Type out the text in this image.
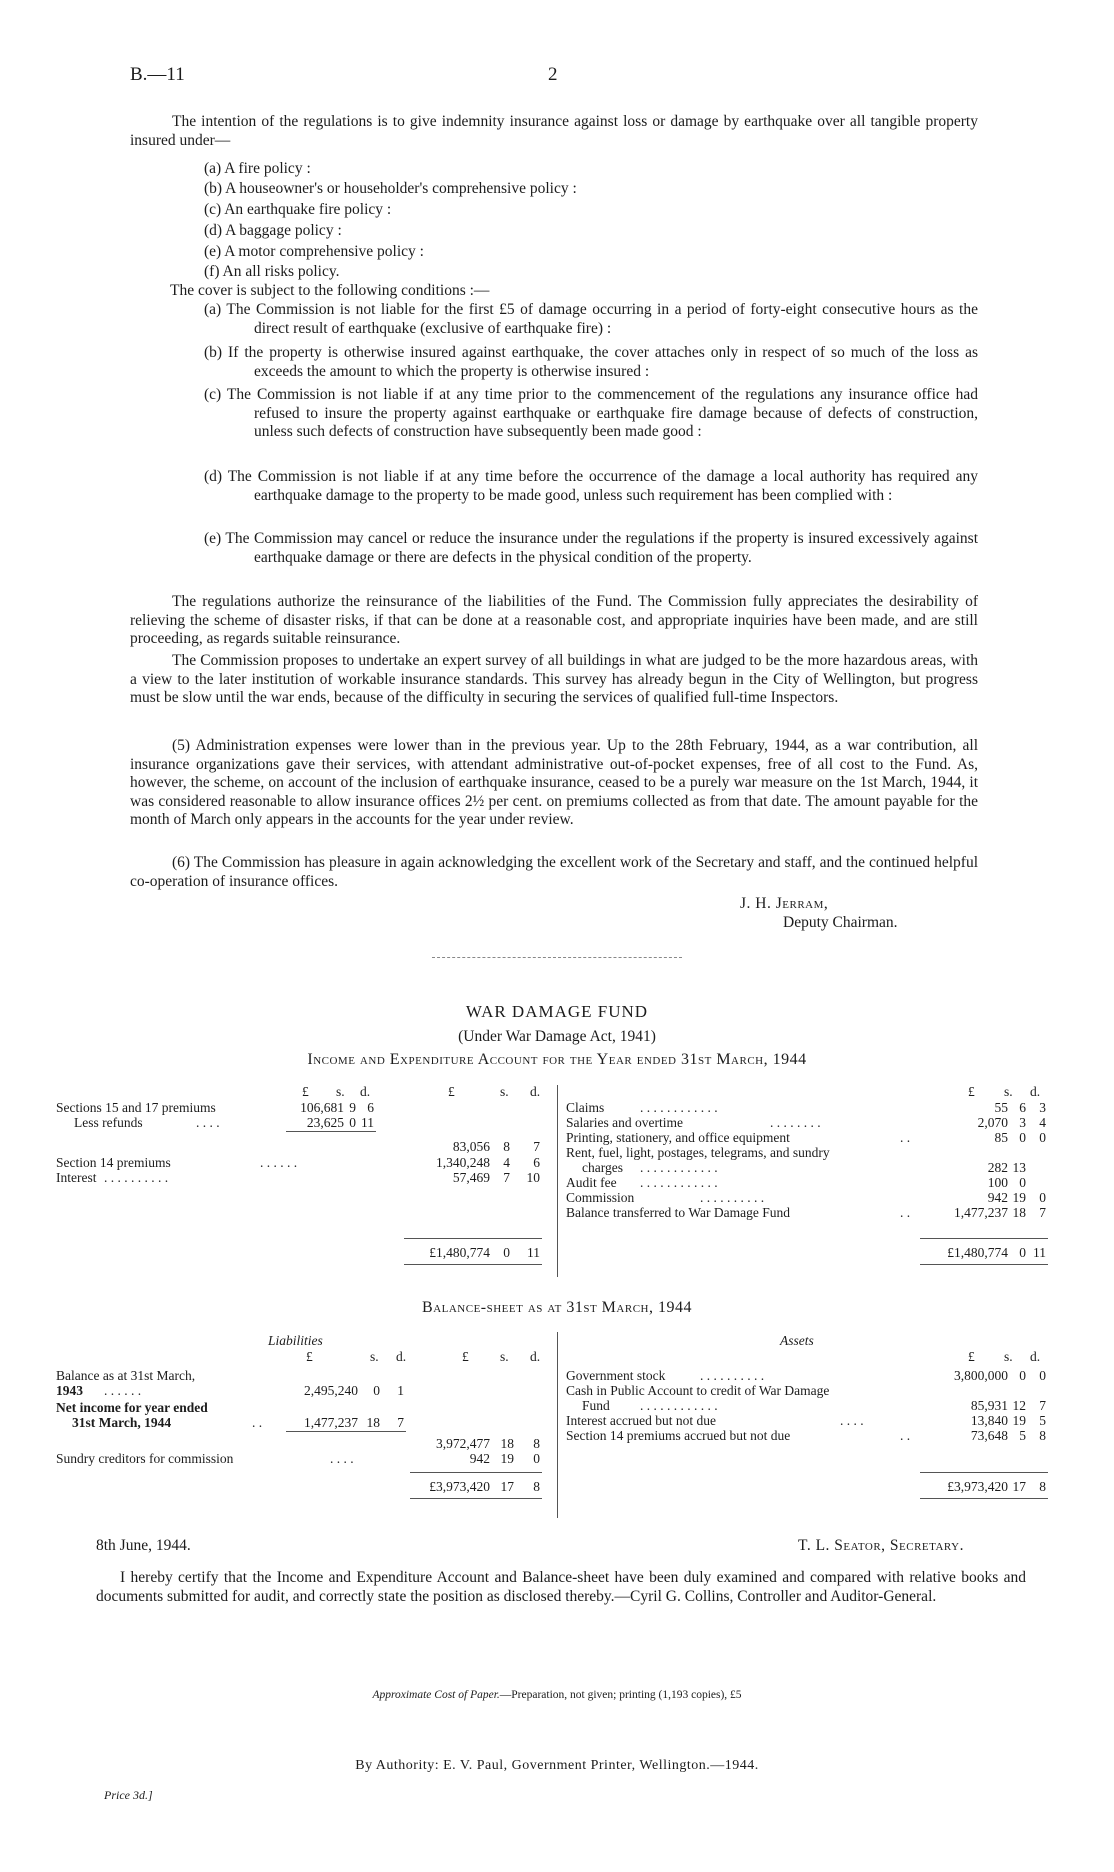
B.—11	2

The intention of the regulations is to give indemnity insurance against loss or damage by earthquake over all tangible property insured under—

(a) A fire policy :
(b) A houseowner's or householder's comprehensive policy :
(c) An earthquake fire policy :
(d) A baggage policy :
(e) A motor comprehensive policy :
(f) An all risks policy.
The cover is subject to the following conditions :—

(a) The Commission is not liable for the first £5 of damage occurring in a period of forty-eight consecutive hours as the direct result of earthquake (exclusive of earthquake fire) :

(b) If the property is otherwise insured against earthquake, the cover attaches only in respect of so much of the loss as exceeds the amount to which the property is otherwise insured :

(c) The Commission is not liable if at any time prior to the commencement of the regulations any insurance office had refused to insure the property against earthquake or earthquake fire damage because of defects of construction, unless such defects of construction have subsequently been made good :

(d) The Commission is not liable if at any time before the occurrence of the damage a local authority has required any earthquake damage to the property to be made good, unless such requirement has been complied with :

(e) The Commission may cancel or reduce the insurance under the regulations if the property is insured excessively against earthquake damage or there are defects in the physical condition of the property.

The regulations authorize the reinsurance of the liabilities of the Fund. The Commission fully appreciates the desirability of relieving the scheme of disaster risks, if that can be done at a reasonable cost, and appropriate inquiries have been made, and are still proceeding, as regards suitable reinsurance.

The Commission proposes to undertake an expert survey of all buildings in what are judged to be the more hazardous areas, with a view to the later institution of workable insurance standards. This survey has already begun in the City of Wellington, but progress must be slow until the war ends, because of the difficulty in securing the services of qualified full-time Inspectors.

(5) Administration expenses were lower than in the previous year. Up to the 28th February, 1944, as a war contribution, all insurance organizations gave their services, with attendant administrative out-of-pocket expenses, free of all cost to the Fund. As, however, the scheme, on account of the inclusion of earthquake insurance, ceased to be a purely war measure on the 1st March, 1944, it was considered reasonable to allow insurance offices 2½ per cent. on premiums collected as from that date. The amount payable for the month of March only appears in the accounts for the year under review.

(6) The Commission has pleasure in again acknowledging the excellent work of the Secretary and staff, and the continued helpful co-operation of insurance offices.

J. H. Jerram,
Deputy Chairman.
WAR DAMAGE FUND
(Under War Damage Act, 1941)
Income and Expenditure Account for the Year ended 31st March, 1944
£ s. d.	£	s. d.
Sections 15 and 17 premiums	106,681 9 6
Less refunds	. . . .	23,625 0 11
83,056 8	7
Section 14 premiums	. . . . . .	1,340,248 4	6
Interest . . . . . . . . . .	57,469 7	10
£1,480,774 0	11
£ s. d.
Claims	. . . . . . . . . . . .	55 6 3
Salaries and overtime	. . . . . . . .	2,070 3 4
Printing, stationery, and office equipment	. .	85 0 0
Rent, fuel, light, postages, telegrams, and sundry
charges . . . . . . . . . . . .	282 13
Audit fee . . . . . . . . . . . .	100 0
Commission	. . . . . . . . . .	942 19 0
Balance transferred to War Damage Fund	. .	1,477,237 18 7
£1,480,774 0 11
Balance-sheet as at 31st March, 1944
Liabilities	Assets
£	s. d.	£ s. d.
Balance as at 31st March,
1943 . . . . . .	2,495,240	0	1
Net income for year ended
31st March, 1944	. .	1,477,237 18	7
3,972,477 18	8
Sundry creditors for commission	. . . .	942 19	0
£3,973,420 17	8
£ s. d.
Government stock	. . . . . . . . . .	3,800,000 0 0
Cash in Public Account to credit of War Damage
Fund . . . . . . . . . . . .	85,931 12 7
Interest accrued but not due	. . . .	13,840 19 5
Section 14 premiums accrued but not due	. .	73,648 5 8
£3,973,420 17 8
8th June, 1944.	T. L. Seator, Secretary.

I hereby certify that the Income and Expenditure Account and Balance-sheet have been duly examined and compared with relative books and documents submitted for audit, and correctly state the position as disclosed thereby.—Cyril G. Collins, Controller and Auditor-General.

Approximate Cost of Paper.—Preparation, not given; printing (1,193 copies), £5
By Authority: E. V. Paul, Government Printer, Wellington.—1944.
Price 3d.]
